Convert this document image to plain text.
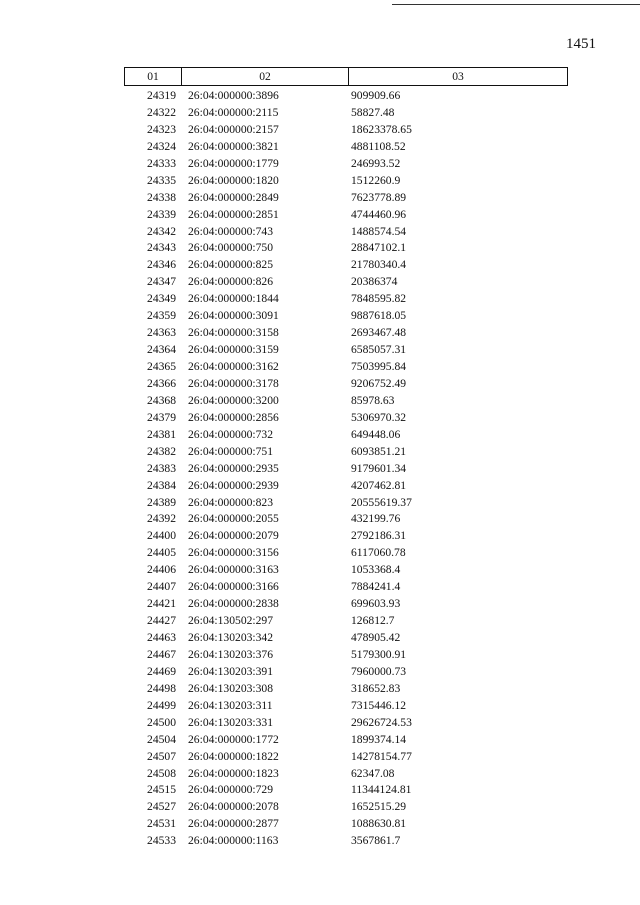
1451
01	02	03
24319	26:04:000000:3896	909909.66
24322	26:04:000000:2115	58827.48
24323	26:04:000000:2157	18623378.65
24324	26:04:000000:3821	4881108.52
24333	26:04:000000:1779	246993.52
24335	26:04:000000:1820	1512260.9
24338	26:04:000000:2849	7623778.89
24339	26:04:000000:2851	4744460.96
24342	26:04:000000:743	1488574.54
24343	26:04:000000:750	28847102.1
24346	26:04:000000:825	21780340.4
24347	26:04:000000:826	20386374
24349	26:04:000000:1844	7848595.82
24359	26:04:000000:3091	9887618.05
24363	26:04:000000:3158	2693467.48
24364	26:04:000000:3159	6585057.31
24365	26:04:000000:3162	7503995.84
24366	26:04:000000:3178	9206752.49
24368	26:04:000000:3200	85978.63
24379	26:04:000000:2856	5306970.32
24381	26:04:000000:732	649448.06
24382	26:04:000000:751	6093851.21
24383	26:04:000000:2935	9179601.34
24384	26:04:000000:2939	4207462.81
24389	26:04:000000:823	20555619.37
24392	26:04:000000:2055	432199.76
24400	26:04:000000:2079	2792186.31
24405	26:04:000000:3156	6117060.78
24406	26:04:000000:3163	1053368.4
24407	26:04:000000:3166	7884241.4
24421	26:04:000000:2838	699603.93
24427	26:04:130502:297	126812.7
24463	26:04:130203:342	478905.42
24467	26:04:130203:376	5179300.91
24469	26:04:130203:391	7960000.73
24498	26:04:130203:308	318652.83
24499	26:04:130203:311	7315446.12
24500	26:04:130203:331	29626724.53
24504	26:04:000000:1772	1899374.14
24507	26:04:000000:1822	14278154.77
24508	26:04:000000:1823	62347.08
24515	26:04:000000:729	11344124.81
24527	26:04:000000:2078	1652515.29
24531	26:04:000000:2877	1088630.81
24533	26:04:000000:1163	3567861.7
